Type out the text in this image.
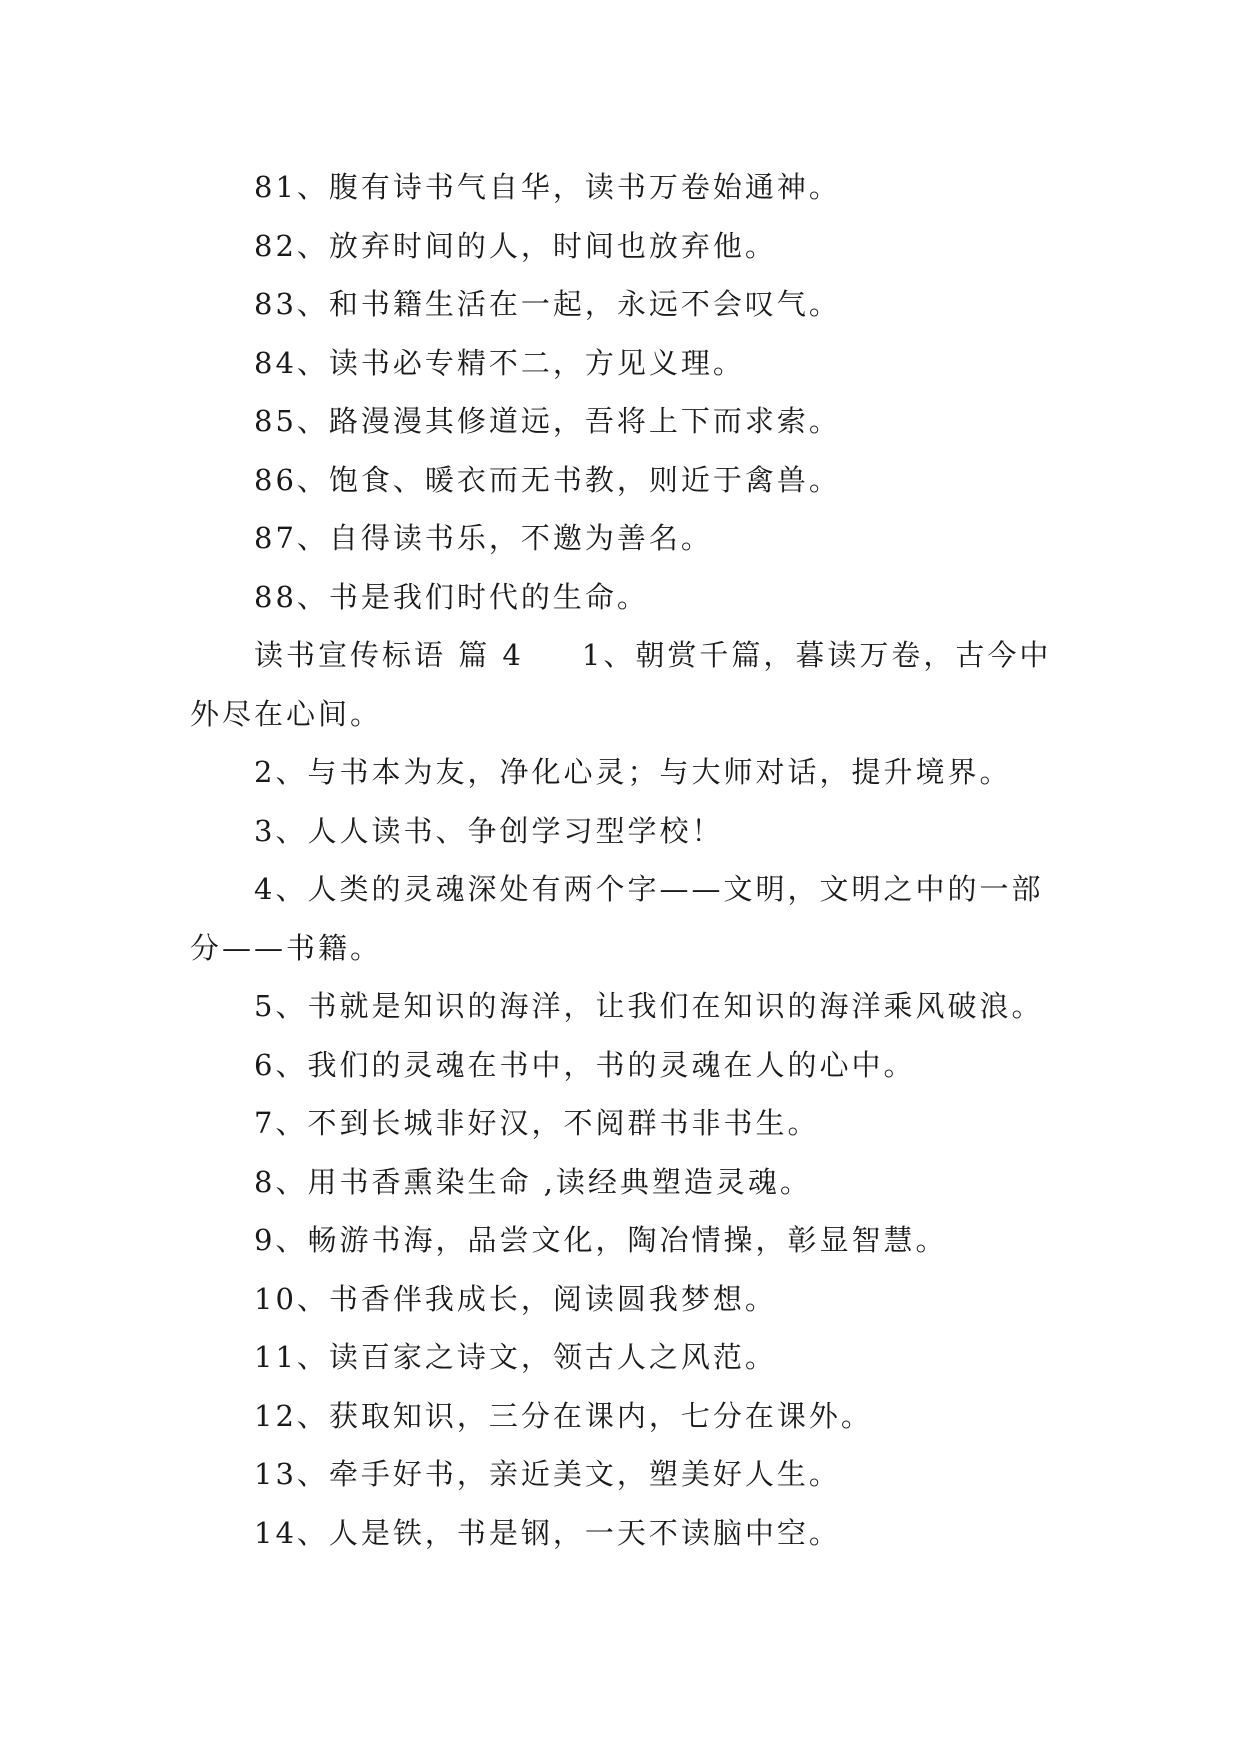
81、腹有诗书气自华，读书万卷始通神。

82、放弃时间的人，时间也放弃他。

83、和书籍生活在一起，永远不会叹气。

84、读书必专精不二，方见义理。

85、路漫漫其修道远，吾将上下而求索。

86、饱食、暖衣而无书教，则近于禽兽。

87、自得读书乐，不邀为善名。

88、书是我们时代的生命。

读书宣传标语 篇 4 1、朝赏千篇，暮读万卷，古今中外尽在心间。

2、与书本为友，净化心灵；与大师对话，提升境界。

3、人人读书、争创学习型学校！

4、人类的灵魂深处有两个字——文明，文明之中的一部分——书籍。

5、书就是知识的海洋，让我们在知识的海洋乘风破浪。

6、我们的灵魂在书中，书的灵魂在人的心中。

7、不到长城非好汉，不阅群书非书生。

8、用书香熏染生命 ,读经典塑造灵魂。

9、畅游书海，品尝文化，陶冶情操，彰显智慧。

10、书香伴我成长，阅读圆我梦想。

11、读百家之诗文，领古人之风范。

12、获取知识，三分在课内，七分在课外。

13、牵手好书，亲近美文，塑美好人生。

14、人是铁，书是钢，一天不读脑中空。
